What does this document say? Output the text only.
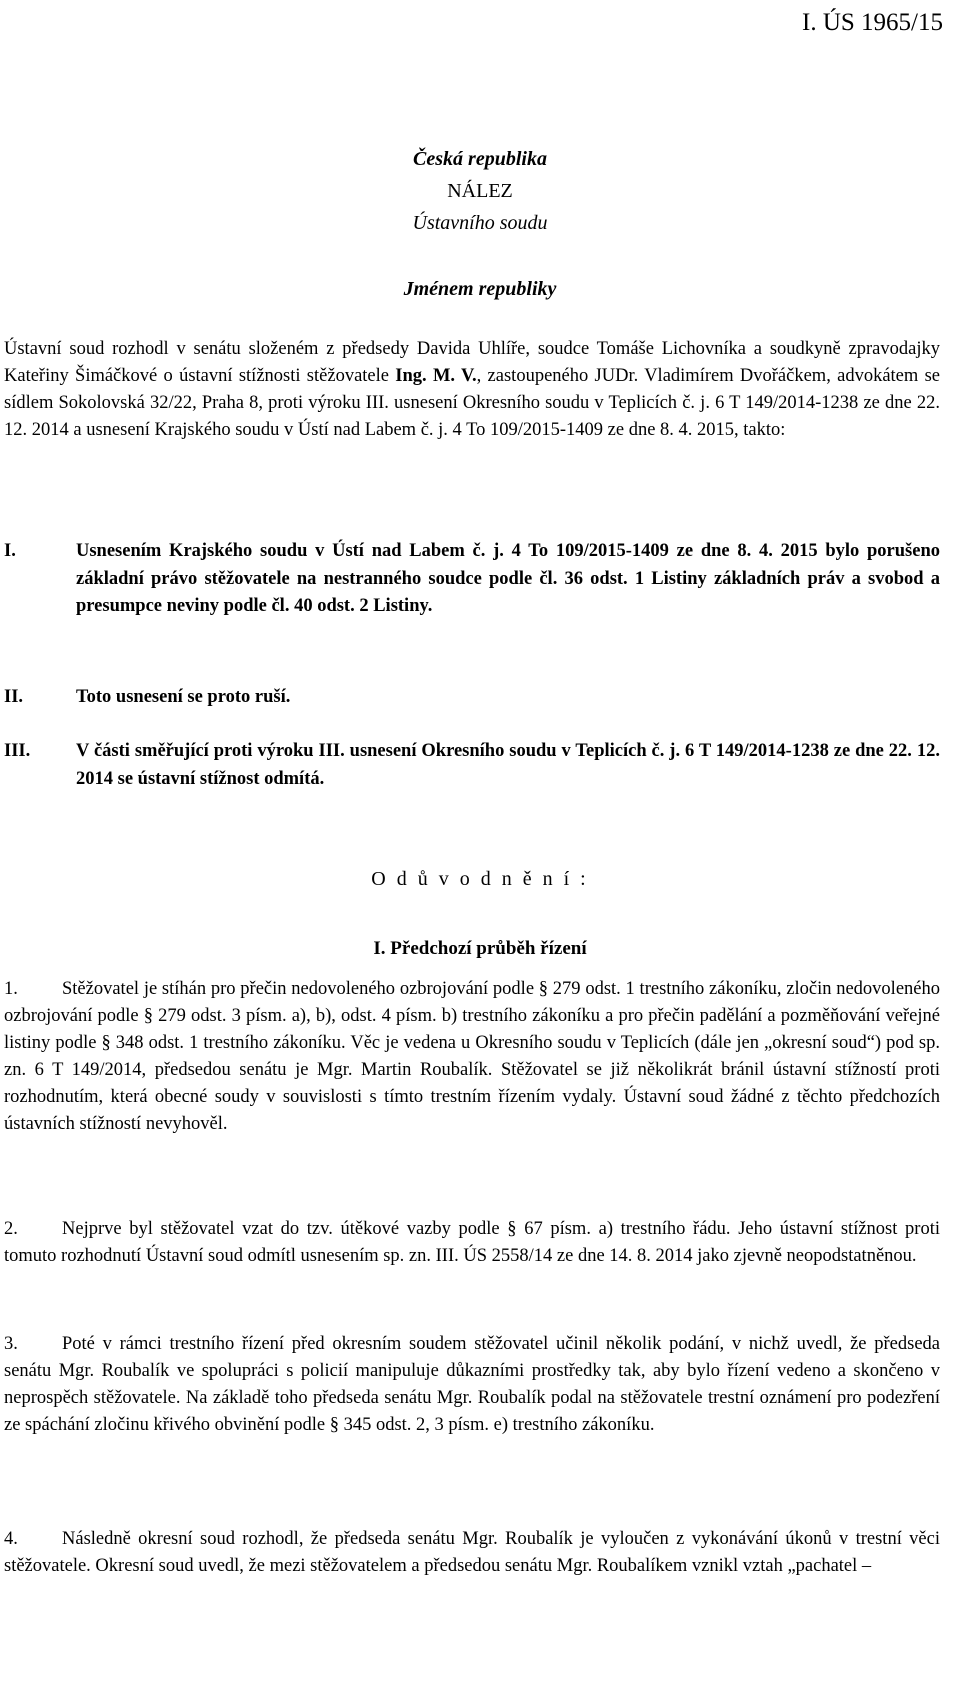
I. ÚS 1965/15
Česká republika
NÁLEZ
Ústavního soudu
Jménem republiky
Ústavní soud rozhodl v senátu složeném z předsedy Davida Uhlíře, soudce Tomáše Lichovníka a soudkyně zpravodajky Kateřiny Šimáčkové o ústavní stížnosti stěžovatele Ing. M. V., zastoupeného JUDr. Vladimírem Dvořáčkem, advokátem se sídlem Sokolovská 32/22, Praha 8, proti výroku III. usnesení Okresního soudu v Teplicích č. j. 6 T 149/2014-1238 ze dne 22. 12. 2014 a usnesení Krajského soudu v Ústí nad Labem č. j. 4 To 109/2015-1409 ze dne 8. 4. 2015, takto:
I.	Usnesením Krajského soudu v Ústí nad Labem č. j. 4 To 109/2015-1409 ze dne 8. 4. 2015 bylo porušeno základní právo stěžovatele na nestranného soudce podle čl. 36 odst. 1 Listiny základních práv a svobod a presumpce neviny podle čl. 40 odst. 2 Listiny.
II.	Toto usnesení se proto ruší.
III.	V části směřující proti výroku III. usnesení Okresního soudu v Teplicích č. j. 6 T 149/2014-1238 ze dne 22. 12. 2014 se ústavní stížnost odmítá.
O d ů v o d n ě n í :
I. Předchozí průběh řízení
1. Stěžovatel je stíhán pro přečin nedovoleného ozbrojování podle § 279 odst. 1 trestního zákoníku, zločin nedovoleného ozbrojování podle § 279 odst. 3 písm. a), b), odst. 4 písm. b) trestního zákoníku a pro přečin padělání a pozměňování veřejné listiny podle § 348 odst. 1 trestního zákoníku. Věc je vedena u Okresního soudu v Teplicích (dále jen „okresní soud“) pod sp. zn. 6 T 149/2014, předsedou senátu je Mgr. Martin Roubalík. Stěžovatel se již několikrát bránil ústavní stížností proti rozhodnutím, která obecné soudy v souvislosti s tímto trestním řízením vydaly. Ústavní soud žádné z těchto předchozích ústavních stížností nevyhověl.
2. Nejprve byl stěžovatel vzat do tzv. útěkové vazby podle § 67 písm. a) trestního řádu. Jeho ústavní stížnost proti tomuto rozhodnutí Ústavní soud odmítl usnesením sp. zn. III. ÚS 2558/14 ze dne 14. 8. 2014 jako zjevně neopodstatněnou.
3. Poté v rámci trestního řízení před okresním soudem stěžovatel učinil několik podání, v nichž uvedl, že předseda senátu Mgr. Roubalík ve spolupráci s policií manipuluje důkazními prostředky tak, aby bylo řízení vedeno a skončeno v neprospěch stěžovatele. Na základě toho předseda senátu Mgr. Roubalík podal na stěžovatele trestní oznámení pro podezření ze spáchání zločinu křivého obvinění podle § 345 odst. 2, 3 písm. e) trestního zákoníku.
4. Následně okresní soud rozhodl, že předseda senátu Mgr. Roubalík je vyloučen z vykonávání úkonů v trestní věci stěžovatele. Okresní soud uvedl, že mezi stěžovatelem a předsedou senátu Mgr. Roubalíkem vznikl vztah „pachatel –
